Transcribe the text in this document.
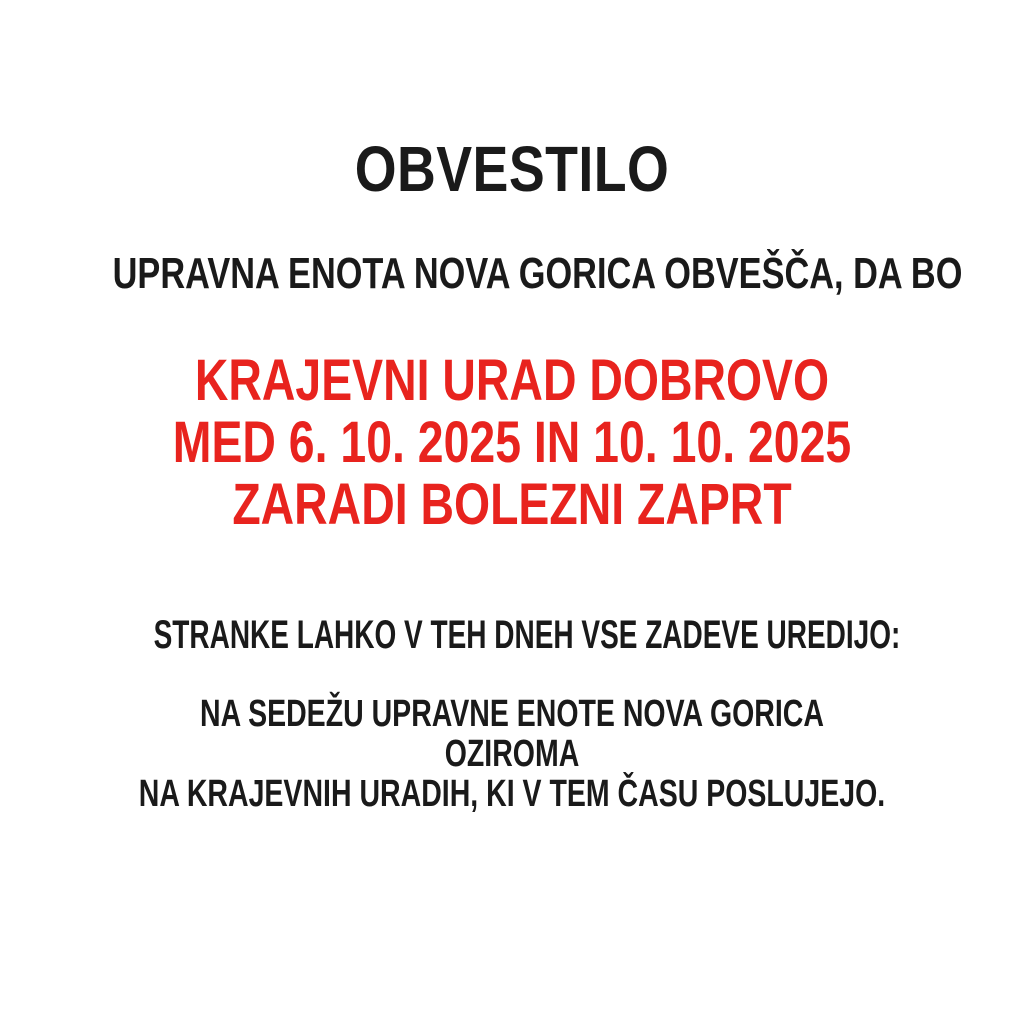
OBVESTILO
UPRAVNA ENOTA NOVA GORICA OBVEŠČA, DA BO
KRAJEVNI URAD DOBROVO
MED 6. 10. 2025 IN 10. 10. 2025
ZARADI BOLEZNI ZAPRT
STRANKE LAHKO V TEH DNEH VSE ZADEVE UREDIJO:
NA SEDEŽU UPRAVNE ENOTE NOVA GORICA
OZIROMA
NA KRAJEVNIH URADIH, KI V TEM ČASU POSLUJEJO.
